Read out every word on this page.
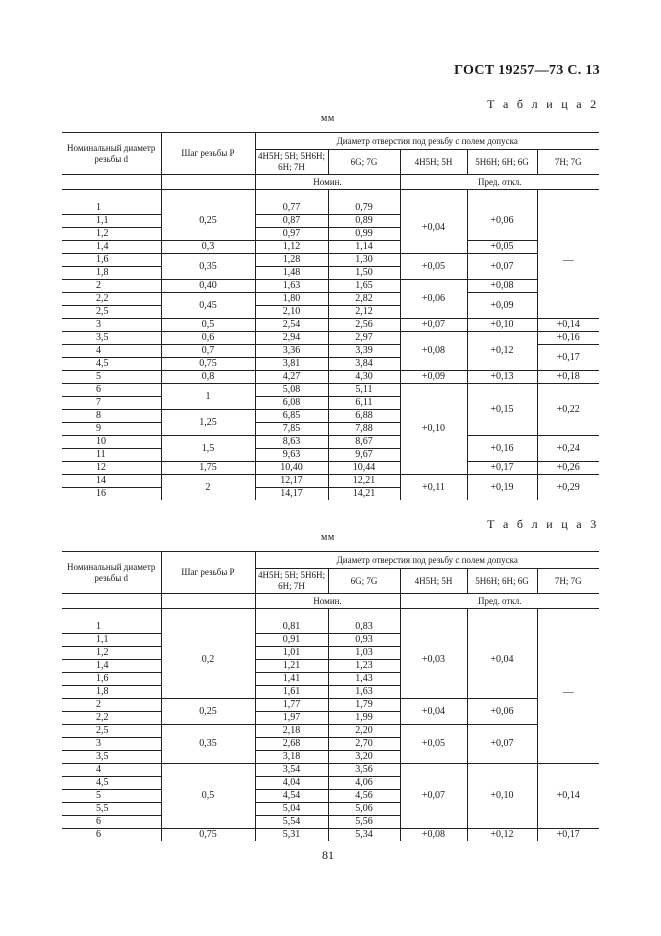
ГОСТ 19257—73 С. 13
Т а б л и ц а 2
мм
Номинальный диаметр резьбы d	Шаг резьбы P	Диаметр отверстия под резьбу с полем допуска				
		4H5H; 5H; 5H6H; 6H; 7H	6G; 7G	4H5H; 5H	5H6H; 6H; 6G	7H; 7G
		Номин.		Пред. откл.		

1	0,25	0,77	0,79	+0,04	+0,06	—
1,1		0,87	0,89			
1,2		0,97	0,99			
1,4	0,3	1,12	1,14		+0,05	
1,6	0,35	1,28	1,30	+0,05	+0,07	
1,8		1,48	1,50			
2	0,40	1,63	1,65	+0,06	+0,08	
2,2	0,45	1,80	2,82		+0,09	
2,5		2,10	2,12			
3	0,5	2,54	2,56	+0,07	+0,10	+0,14
3,5	0,6	2,94	2,97	+0,08	+0,12	+0,16
4	0,7	3,36	3,39			+0,17
4,5	0,75	3,81	3,84			
5	0,8	4,27	4,30	+0,09	+0,13	+0,18
6	1	5,08	5,11	+0,10	+0,15	+0,22
7		6,08	6,11			
8	1,25	6,85	6,88			
9		7,85	7,88			
10	1,5	8,63	8,67		+0,16	+0,24
11		9,63	9,67			
12	1,75	10,40	10,44		+0,17	+0,26
14	2	12,17	12,21	+0,11	+0,19	+0,29
16		14,17	14,21			
Т а б л и ц а 3
мм
Номинальный диаметр резьбы d	Шаг резьбы P	Диаметр отверстия под резьбу с полем допуска				
		4H5H; 5H; 5H6H; 6H; 7H	6G; 7G	4H5H; 5H	5H6H; 6H; 6G	7H; 7G
		Номин.		Пред. откл.		

1	0,2	0,81	0,83	+0,03	+0,04	—
1,1		0,91	0,93			
1,2		1,01	1,03			
1,4		1,21	1,23			
1,6		1,41	1,43			
1,8		1,61	1,63			
2	0,25	1,77	1,79	+0,04	+0,06	
2,2		1,97	1,99			
2,5	0,35	2,18	2,20	+0,05	+0,07	
3		2,68	2,70			
3,5		3,18	3,20			
4	0,5	3,54	3,56	+0,07	+0,10	+0,14
4,5		4,04	4,06			
5		4,54	4,56			
5,5		5,04	5,06			
6		5,54	5,56			
6	0,75	5,31	5,34	+0,08	+0,12	+0,17
81
